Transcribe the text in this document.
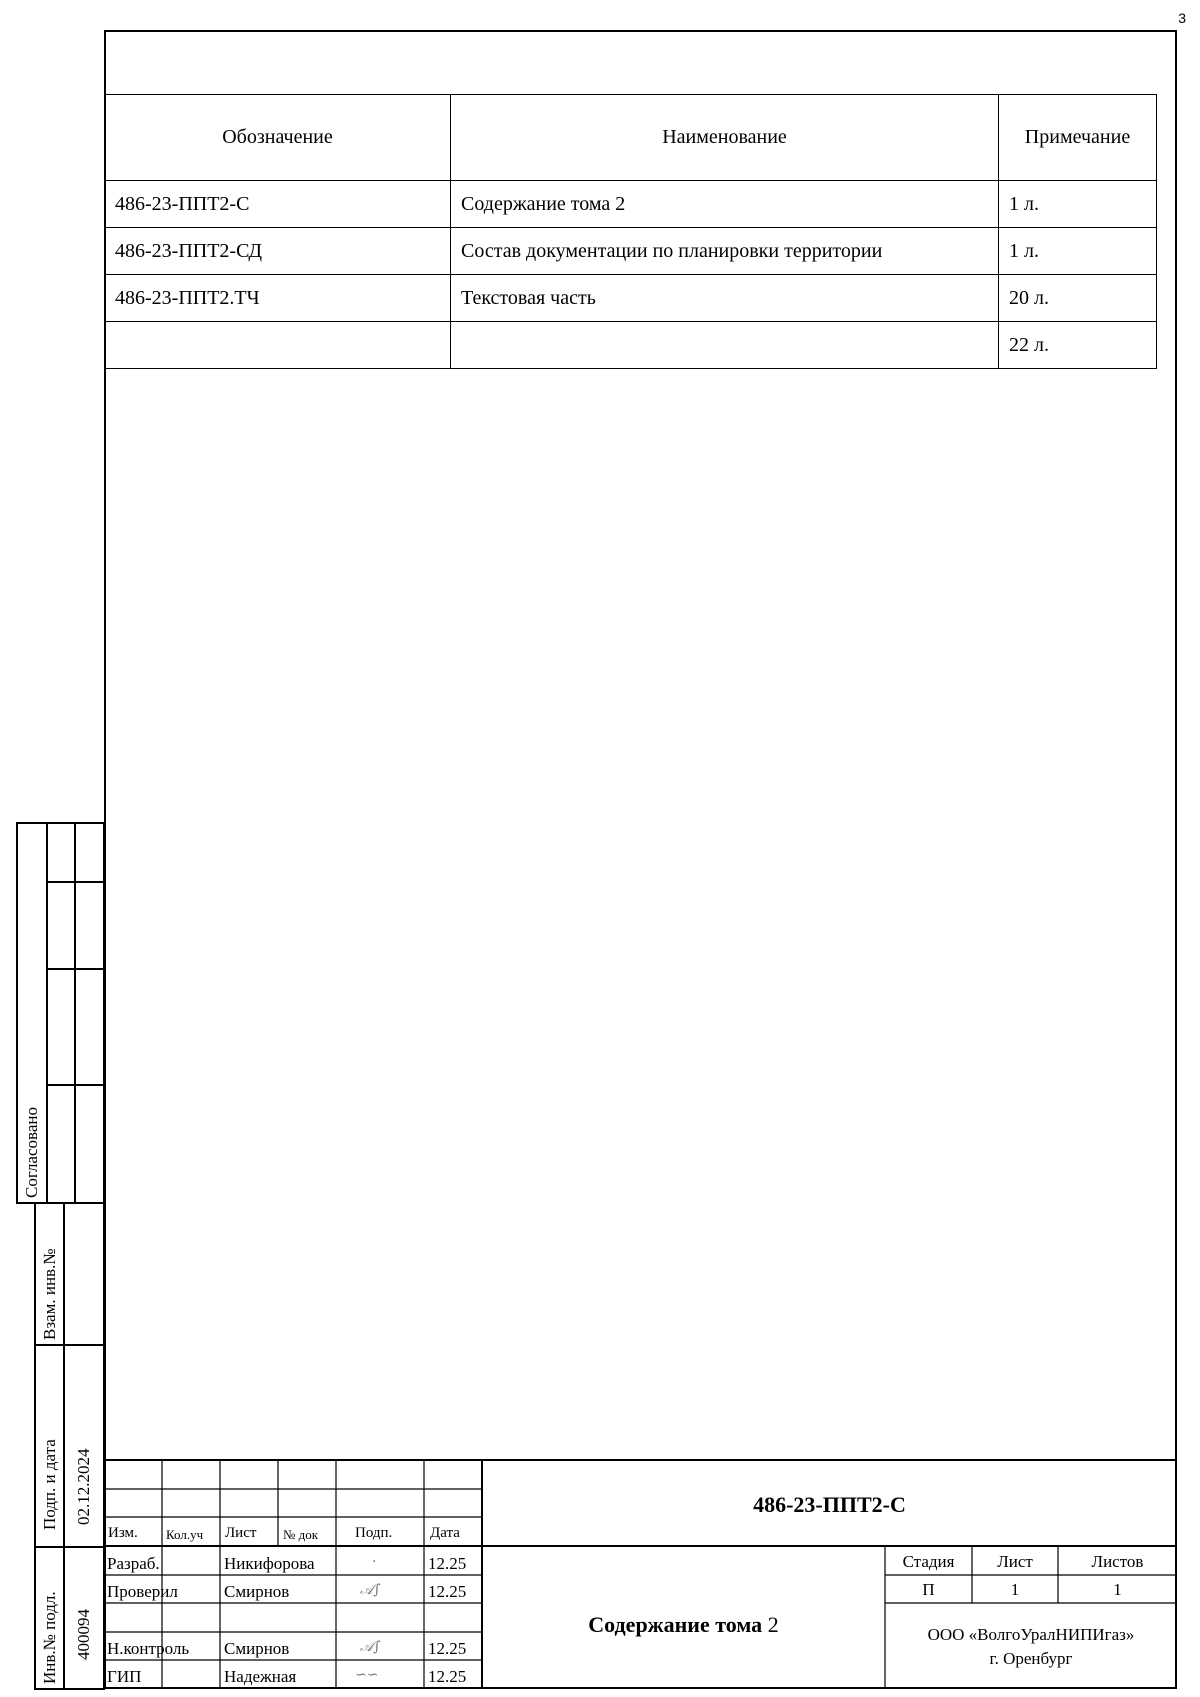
3
Обозначение	Наименование	Примечание
486-23-ППТ2-С	Содержание тома 2	1 л.
486-23-ППТ2-СД	Состав документации по планировки территории	1 л.
486-23-ППТ2.ТЧ	Текстовая часть	20 л.
		22 л.
Согласовано
Взам. инв.№
Подп. и дата 02.12.2024
Инв.№ подл. 400094
486-23-ППТ2-С
Изм. Кол.уч Лист № док Подп.	Дата
Разраб.	Никифорова	·	12.25
Проверил	Смирнов	𝒜∫	12.25
Н.контроль Смирнов	𝒜∫	12.25
ГИП	Надежная	∽∽	12.25
Содержание тома 2
Стадия	Лист	Листов
П	1	1
ООО «ВолгоУралНИПИгаз»
г. Оренбург
